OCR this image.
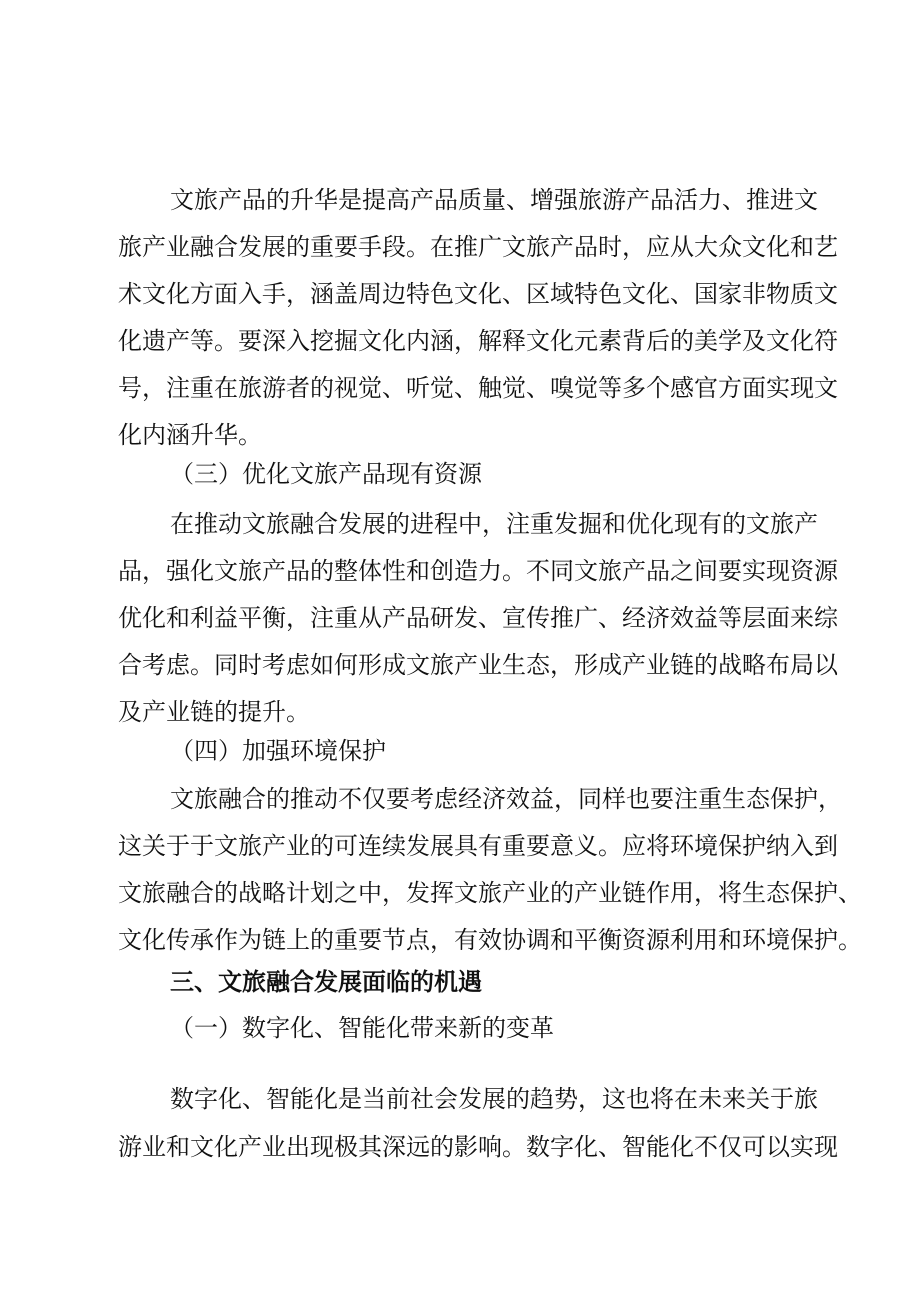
文旅产品的升华是提高产品质量、增强旅游产品活力、推进文
旅产业融合发展的重要手段。在推广文旅产品时，应从大众文化和艺
术文化方面入手，涵盖周边特色文化、区域特色文化、国家非物质文
化遗产等。要深入挖掘文化内涵，解释文化元素背后的美学及文化符
号，注重在旅游者的视觉、听觉、触觉、嗅觉等多个感官方面实现文
化内涵升华。
（三）优化文旅产品现有资源
在推动文旅融合发展的进程中，注重发掘和优化现有的文旅产
品，强化文旅产品的整体性和创造力。不同文旅产品之间要实现资源
优化和利益平衡，注重从产品研发、宣传推广、经济效益等层面来综
合考虑。同时考虑如何形成文旅产业生态，形成产业链的战略布局以
及产业链的提升。
（四）加强环境保护
文旅融合的推动不仅要考虑经济效益，同样也要注重生态保护，
这关于于文旅产业的可连续发展具有重要意义。应将环境保护纳入到
文旅融合的战略计划之中，发挥文旅产业的产业链作用，将生态保护、
文化传承作为链上的重要节点，有效协调和平衡资源利用和环境保护。
三、文旅融合发展面临的机遇
（一）数字化、智能化带来新的变革
数字化、智能化是当前社会发展的趋势，这也将在未来关于旅
游业和文化产业出现极其深远的影响。数字化、智能化不仅可以实现
